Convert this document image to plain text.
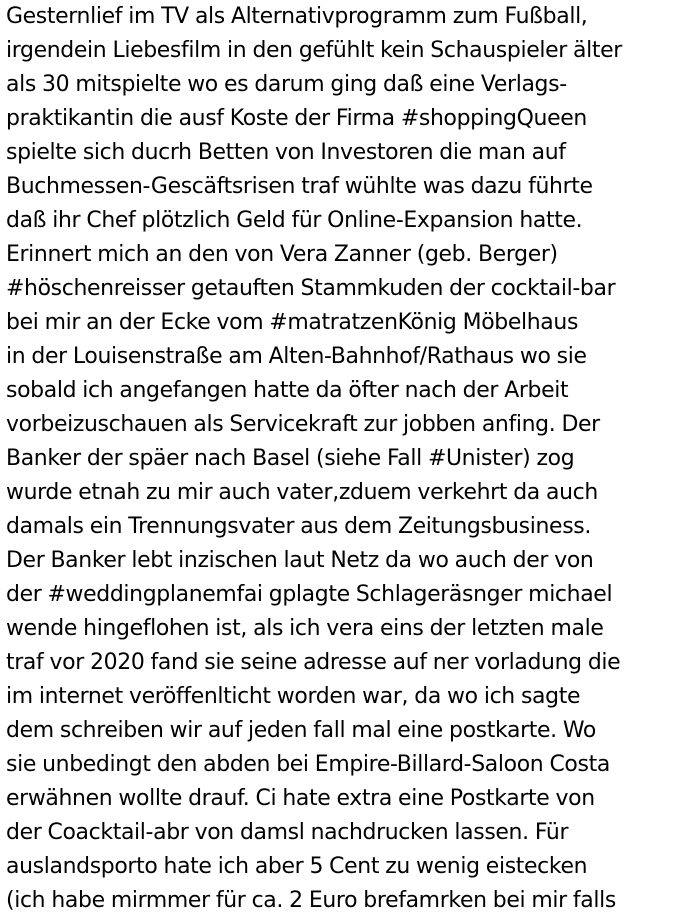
Gesternlief im TV als Alternativprogramm zum Fußball,
irgendein Liebesfilm in den gefühlt kein Schauspieler älter
als 30 mitspielte wo es darum ging daß eine Verlags-
praktikantin die ausf Koste der Firma #shoppingQueen
spielte sich ducrh Betten von Investoren die man auf
Buchmessen-Gescäftsrisen traf wühlte was dazu führte
daß ihr Chef plötzlich Geld für Online-Expansion hatte.
Erinnert mich an den von Vera Zanner (geb. Berger)
#höschenreisser getauften Stammkuden der cocktail-bar
bei mir an der Ecke vom #matratzenKönig Möbelhaus
in der Louisenstraße am Alten-Bahnhof/Rathaus wo sie
sobald ich angefangen hatte da öfter nach der Arbeit
vorbeizuschauen als Servicekraft zur jobben anfing. Der
Banker der späer nach Basel (siehe Fall #Unister) zog
wurde etnah zu mir auch vater,zduem verkehrt da auch
damals ein Trennungsvater aus dem Zeitungsbusiness.
Der Banker lebt inzischen laut Netz da wo auch der von
der #weddingplanemfai gplagte Schlageräsnger michael
wende hingeflohen ist, als ich vera eins der letzten male
traf vor 2020 fand sie seine adresse auf ner vorladung die
im internet veröffenlticht worden war, da wo ich sagte
dem schreiben wir auf jeden fall mal eine postkarte. Wo
sie unbedingt den abden bei Empire-Billard-Saloon Costa
erwähnen wollte drauf. Ci hate extra eine Postkarte von
der Coacktail-abr von damsl nachdrucken lassen. Für
auslandsporto hate ich aber 5 Cent zu wenig eistecken
(ich habe mirmmer für ca. 2 Euro brefamrken bei mir falls
